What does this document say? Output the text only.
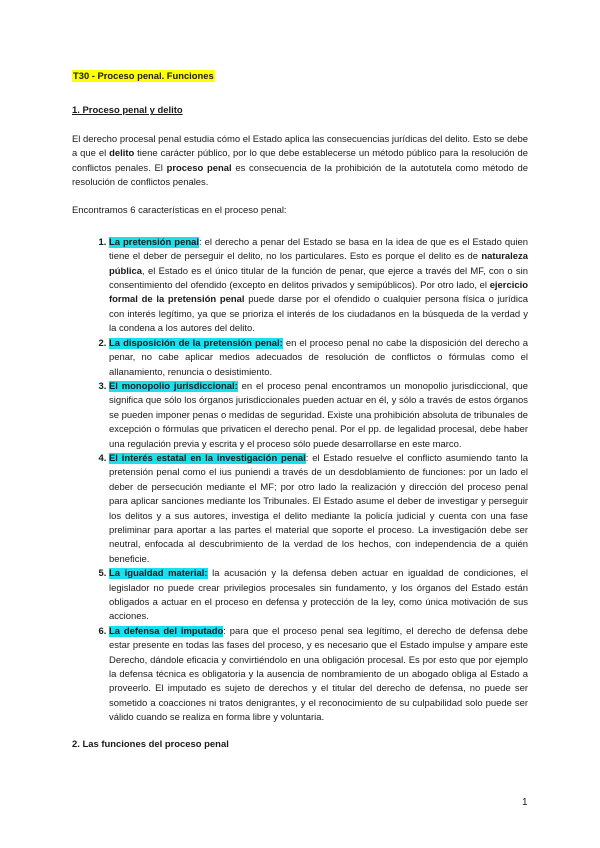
T30 - Proceso penal. Funciones
1. Proceso penal y delito

El derecho procesal penal estudia cómo el Estado aplica las consecuencias jurídicas del delito. Esto se debe a que el delito tiene carácter público, por lo que debe establecerse un método público para la resolución de conflictos penales. El proceso penal es consecuencia de la prohibición de la autotutela como método de resolución de conflictos penales.

Encontramos 6 características en el proceso penal:

1. La pretensión penal: el derecho a penar del Estado se basa en la idea de que es el Estado quien tiene el deber de perseguir el delito, no los particulares. Esto es porque el delito es de naturaleza pública, el Estado es el único titular de la función de penar, que ejerce a través del MF, con o sin consentimiento del ofendido (excepto en delitos privados y semipúblicos). Por otro lado, el ejercicio formal de la pretensión penal puede darse por el ofendido o cualquier persona física o jurídica con interés legítimo, ya que se prioriza el interés de los ciudadanos en la búsqueda de la verdad y la condena a los autores del delito.
2. La disposición de la pretensión penal: en el proceso penal no cabe la disposición del derecho a penar, no cabe aplicar medios adecuados de resolución de conflictos o fórmulas como el allanamiento, renuncia o desistimiento.
3. El monopolio jurisdiccional: en el proceso penal encontramos un monopolio jurisdiccional, que significa que sólo los órganos jurisdiccionales pueden actuar en él, y sólo a través de estos órganos se pueden imponer penas o medidas de seguridad. Existe una prohibición absoluta de tribunales de excepción o fórmulas que privaticen el derecho penal. Por el pp. de legalidad procesal, debe haber una regulación previa y escrita y el proceso sólo puede desarrollarse en este marco.
4. El interés estatal en la investigación penal: el Estado resuelve el conflicto asumiendo tanto la pretensión penal como el ius puniendi a través de un desdoblamiento de funciones: por un lado el deber de persecución mediante el MF; por otro lado la realización y dirección del proceso penal para aplicar sanciones mediante los Tribunales. El Estado asume el deber de investigar y perseguir los delitos y a sus autores, investiga el delito mediante la policía judicial y cuenta con una fase preliminar para aportar a las partes el material que soporte el proceso. La investigación debe ser neutral, enfocada al descubrimiento de la verdad de los hechos, con independencia de a quién beneficie.
5. La igualdad material: la acusación y la defensa deben actuar en igualdad de condiciones, el legislador no puede crear privilegios procesales sin fundamento, y los órganos del Estado están obligados a actuar en el proceso en defensa y protección de la ley, como única motivación de sus acciones.
6. La defensa del imputado: para que el proceso penal sea legítimo, el derecho de defensa debe estar presente en todas las fases del proceso, y es necesario que el Estado impulse y ampare este Derecho, dándole eficacia y convirtiéndolo en una obligación procesal. Es por esto que por ejemplo la defensa técnica es obligatoria y la ausencia de nombramiento de un abogado obliga al Estado a proveerlo. El imputado es sujeto de derechos y el titular del derecho de defensa, no puede ser sometido a coacciones ni tratos denigrantes, y el reconocimiento de su culpabilidad solo puede ser válido cuando se realiza en forma libre y voluntaria.
2. Las funciones del proceso penal
1
